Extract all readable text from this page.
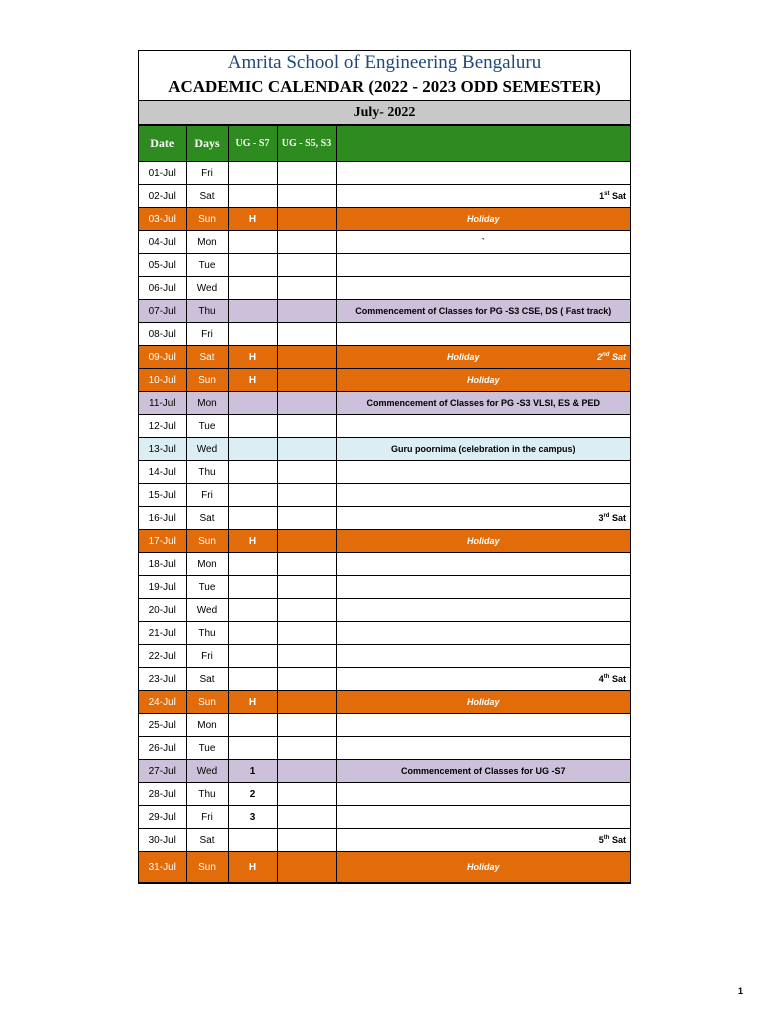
Amrita School of Engineering Bengaluru
ACADEMIC CALENDAR (2022 - 2023 ODD SEMESTER)
July- 2022
Date	Days	UG - S7	UG - S5, S3	
01-Jul	Fri			
02-Jul	Sat			1st Sat

03-Jul	Sun	H		Holiday
04-Jul	Mon			`
05-Jul	Tue			
06-Jul	Wed			
07-Jul	Thu			Commencement of Classes for PG -S3 CSE, DS ( Fast track)
08-Jul	Fri			
09-Jul	Sat	H		Holiday 2nd Sat

10-Jul	Sun	H		Holiday
11-Jul	Mon			Commencement of Classes for PG -S3 VLSI, ES & PED
12-Jul	Tue			
13-Jul	Wed			Guru poornima (celebration in the campus)
14-Jul	Thu			
15-Jul	Fri			
16-Jul	Sat			3rd Sat

17-Jul	Sun	H		Holiday
18-Jul	Mon			
19-Jul	Tue			
20-Jul	Wed			
21-Jul	Thu			
22-Jul	Fri			
23-Jul	Sat			4th Sat

24-Jul	Sun	H		Holiday
25-Jul	Mon			
26-Jul	Tue			
27-Jul	Wed	1		Commencement of Classes for UG -S7
28-Jul	Thu	2		
29-Jul	Fri	3		
30-Jul	Sat			5th Sat

31-Jul	Sun	H		Holiday
1
